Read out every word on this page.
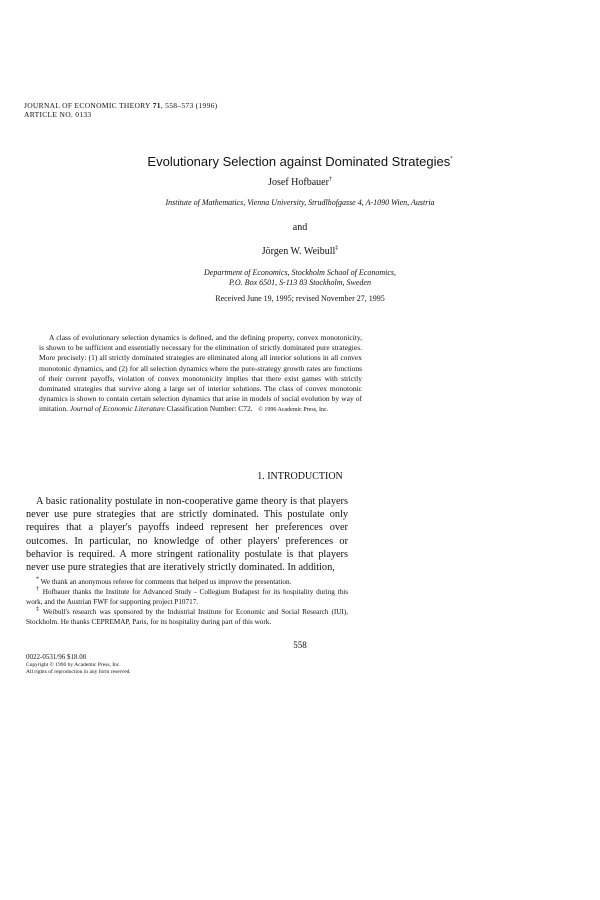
JOURNAL OF ECONOMIC THEORY 71, 558–573 (1996)
ARTICLE NO. 0133
Evolutionary Selection against Dominated Strategies*
Josef Hofbauer†
Institute of Mathematics, Vienna University, Strudlhofgasse 4, A-1090 Wien, Austria
and
Jörgen W. Weibull‡
Department of Economics, Stockholm School of Economics,
P.O. Box 6501, S-113 83 Stockholm, Sweden
Received June 19, 1995; revised November 27, 1995
A class of evolutionary selection dynamics is defined, and the defining property, convex monotonicity, is shown to be sufficient and essentially necessary for the elimination of strictly dominated pure strategies. More precisely: (1) all strictly dominated strategies are eliminated along all interior solutions in all convex monotonic dynamics, and (2) for all selection dynamics where the pure-strategy growth rates are functions of their current payoffs, violation of convex monotonicity implies that there exist games with strictly dominated strategies that survive along a large set of interior solutions. The class of convex monotonic dynamics is shown to contain certain selection dynamics that arise in models of social evolution by way of imitation. Journal of Economic Literature Classification Number: C72. © 1996 Academic Press, Inc.
1. INTRODUCTION
A basic rationality postulate in non-cooperative game theory is that players never use pure strategies that are strictly dominated. This postulate only requires that a player's payoffs indeed represent her preferences over outcomes. In particular, no knowledge of other players' preferences or behavior is required. A more stringent rationality postulate is that players never use pure strategies that are iteratively strictly dominated. In addition,
* We thank an anonymous referee for comments that helped us improve the presentation.
† Hofbauer thanks the Institute for Advanced Study - Collegium Budapest for its hospitality during this work, and the Austrian FWF for supporting project P10717.
‡ Weibull's research was sponsored by the Industrial Institute for Economic and Social Research (IUI), Stockholm. He thanks CEPREMAP, Paris, for its hospitality during part of this work.
558
0022-0531/96 $18.00
Copyright © 1996 by Academic Press, Inc.
All rights of reproduction in any form reserved.
